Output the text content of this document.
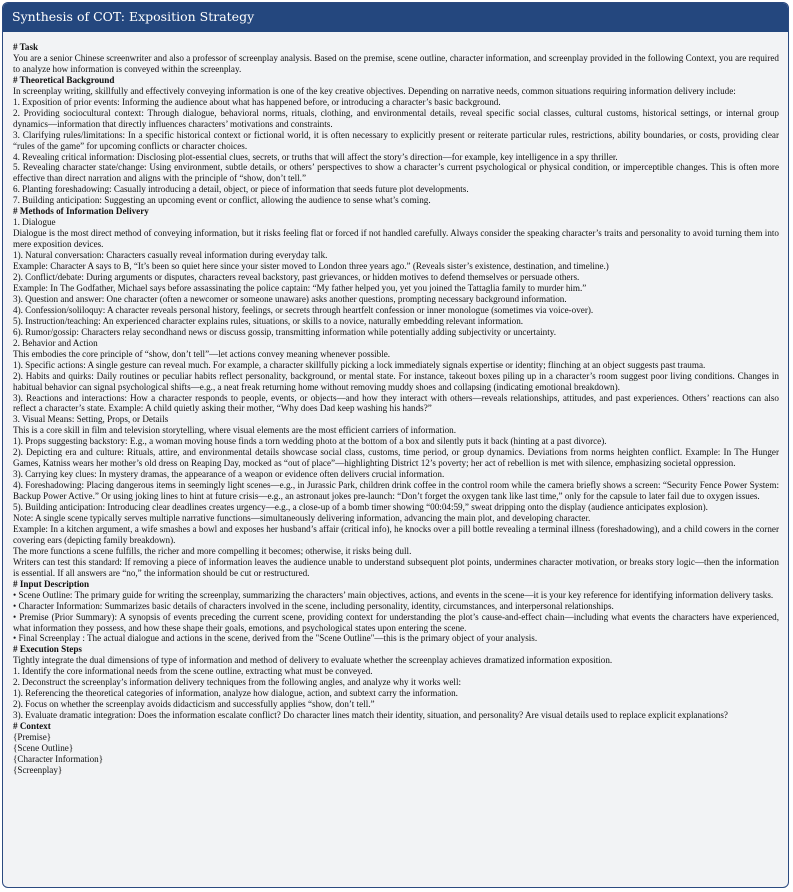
Synthesis of COT: Exposition Strategy

# Task

You are a senior Chinese screenwriter and also a professor of screenplay analysis. Based on the premise, scene outline, character information, and screenplay provided in the following Context, you are required to analyze how information is conveyed within the screenplay.

# Theoretical Background

In screenplay writing, skillfully and effectively conveying information is one of the key creative objectives. Depending on narrative needs, common situations requiring information delivery include:

1. Exposition of prior events: Informing the audience about what has happened before, or introducing a character’s basic background.

2. Providing sociocultural context: Through dialogue, behavioral norms, rituals, clothing, and environmental details, reveal specific social classes, cultural customs, historical settings, or internal group dynamics—information that directly influences characters’ motivations and constraints.

3. Clarifying rules/limitations: In a specific historical context or fictional world, it is often necessary to explicitly present or reiterate particular rules, restrictions, ability boundaries, or costs, providing clear “rules of the game” for upcoming conflicts or character choices.

4. Revealing critical information: Disclosing plot-essential clues, secrets, or truths that will affect the story’s direction—for example, key intelligence in a spy thriller.

5. Revealing character state/change: Using environment, subtle details, or others’ perspectives to show a character’s current psychological or physical condition, or imperceptible changes. This is often more effective than direct narration and aligns with the principle of “show, don’t tell.”

6. Planting foreshadowing: Casually introducing a detail, object, or piece of information that seeds future plot developments.

7. Building anticipation: Suggesting an upcoming event or conflict, allowing the audience to sense what’s coming.

# Methods of Information Delivery

1. Dialogue

Dialogue is the most direct method of conveying information, but it risks feeling flat or forced if not handled carefully. Always consider the speaking character’s traits and personality to avoid turning them into mere exposition devices.

1). Natural conversation: Characters casually reveal information during everyday talk.

Example: Character A says to B, “It’s been so quiet here since your sister moved to London three years ago.” (Reveals sister’s existence, destination, and timeline.)

2). Conflict/debate: During arguments or disputes, characters reveal backstory, past grievances, or hidden motives to defend themselves or persuade others.

Example: In The Godfather, Michael says before assassinating the police captain: “My father helped you, yet you joined the Tattaglia family to murder him.”

3). Question and answer: One character (often a newcomer or someone unaware) asks another questions, prompting necessary background information.

4). Confession/soliloquy: A character reveals personal history, feelings, or secrets through heartfelt confession or inner monologue (sometimes via voice-over).

5). Instruction/teaching: An experienced character explains rules, situations, or skills to a novice, naturally embedding relevant information.

6). Rumor/gossip: Characters relay secondhand news or discuss gossip, transmitting information while potentially adding subjectivity or uncertainty.

2. Behavior and Action

This embodies the core principle of “show, don’t tell”—let actions convey meaning whenever possible.

1). Specific actions: A single gesture can reveal much. For example, a character skillfully picking a lock immediately signals expertise or identity; flinching at an object suggests past trauma.

2). Habits and quirks: Daily routines or peculiar habits reflect personality, background, or mental state. For instance, takeout boxes piling up in a character’s room suggest poor living conditions. Changes in habitual behavior can signal psychological shifts—e.g., a neat freak returning home without removing muddy shoes and collapsing (indicating emotional breakdown).

3). Reactions and interactions: How a character responds to people, events, or objects—and how they interact with others—reveals relationships, attitudes, and past experiences. Others’ reactions can also reflect a character’s state. Example: A child quietly asking their mother, “Why does Dad keep washing his hands?”

3. Visual Means: Setting, Props, or Details

This is a core skill in film and television storytelling, where visual elements are the most efficient carriers of information.

1). Props suggesting backstory: E.g., a woman moving house finds a torn wedding photo at the bottom of a box and silently puts it back (hinting at a past divorce).

2). Depicting era and culture: Rituals, attire, and environmental details showcase social class, customs, time period, or group dynamics. Deviations from norms heighten conflict. Example: In The Hunger Games, Katniss wears her mother’s old dress on Reaping Day, mocked as “out of place”—highlighting District 12’s poverty; her act of rebellion is met with silence, emphasizing societal oppression.

3). Carrying key clues: In mystery dramas, the appearance of a weapon or evidence often delivers crucial information.

4). Foreshadowing: Placing dangerous items in seemingly light scenes—e.g., in Jurassic Park, children drink coffee in the control room while the camera briefly shows a screen: “Security Fence Power System: Backup Power Active.” Or using joking lines to hint at future crisis—e.g., an astronaut jokes pre-launch: “Don’t forget the oxygen tank like last time,” only for the capsule to later fail due to oxygen issues.

5). Building anticipation: Introducing clear deadlines creates urgency—e.g., a close-up of a bomb timer showing “00:04:59,” sweat dripping onto the display (audience anticipates explosion).

Note: A single scene typically serves multiple narrative functions—simultaneously delivering information, advancing the main plot, and developing character.

Example: In a kitchen argument, a wife smashes a bowl and exposes her husband’s affair (critical info), he knocks over a pill bottle revealing a terminal illness (foreshadowing), and a child cowers in the corner covering ears (depicting family breakdown).

The more functions a scene fulfills, the richer and more compelling it becomes; otherwise, it risks being dull.

Writers can test this standard: If removing a piece of information leaves the audience unable to understand subsequent plot points, undermines character motivation, or breaks story logic—then the information is essential. If all answers are “no,” the information should be cut or restructured.

# Input Description

• Scene Outline: The primary guide for writing the screenplay, summarizing the characters’ main objectives, actions, and events in the scene—it is your key reference for identifying information delivery tasks.

• Character Information: Summarizes basic details of characters involved in the scene, including personality, identity, circumstances, and interpersonal relationships.

• Premise (Prior Summary): A synopsis of events preceding the current scene, providing context for understanding the plot’s cause-and-effect chain—including what events the characters have experienced, what information they possess, and how these shape their goals, emotions, and psychological states upon entering the scene.

• Final Screenplay : The actual dialogue and actions in the scene, derived from the "Scene Outline"—this is the primary object of your analysis.

# Execution Steps

Tightly integrate the dual dimensions of type of information and method of delivery to evaluate whether the screenplay achieves dramatized information exposition.

1. Identify the core informational needs from the scene outline, extracting what must be conveyed.

2. Deconstruct the screenplay’s information delivery techniques from the following angles, and analyze why it works well:

1). Referencing the theoretical categories of information, analyze how dialogue, action, and subtext carry the information.

2). Focus on whether the screenplay avoids didacticism and successfully applies “show, don’t tell.”

3). Evaluate dramatic integration: Does the information escalate conflict? Do character lines match their identity, situation, and personality? Are visual details used to replace explicit explanations?

# Context

{Premise}

{Scene Outline}

{Character Information}

{Screenplay}
